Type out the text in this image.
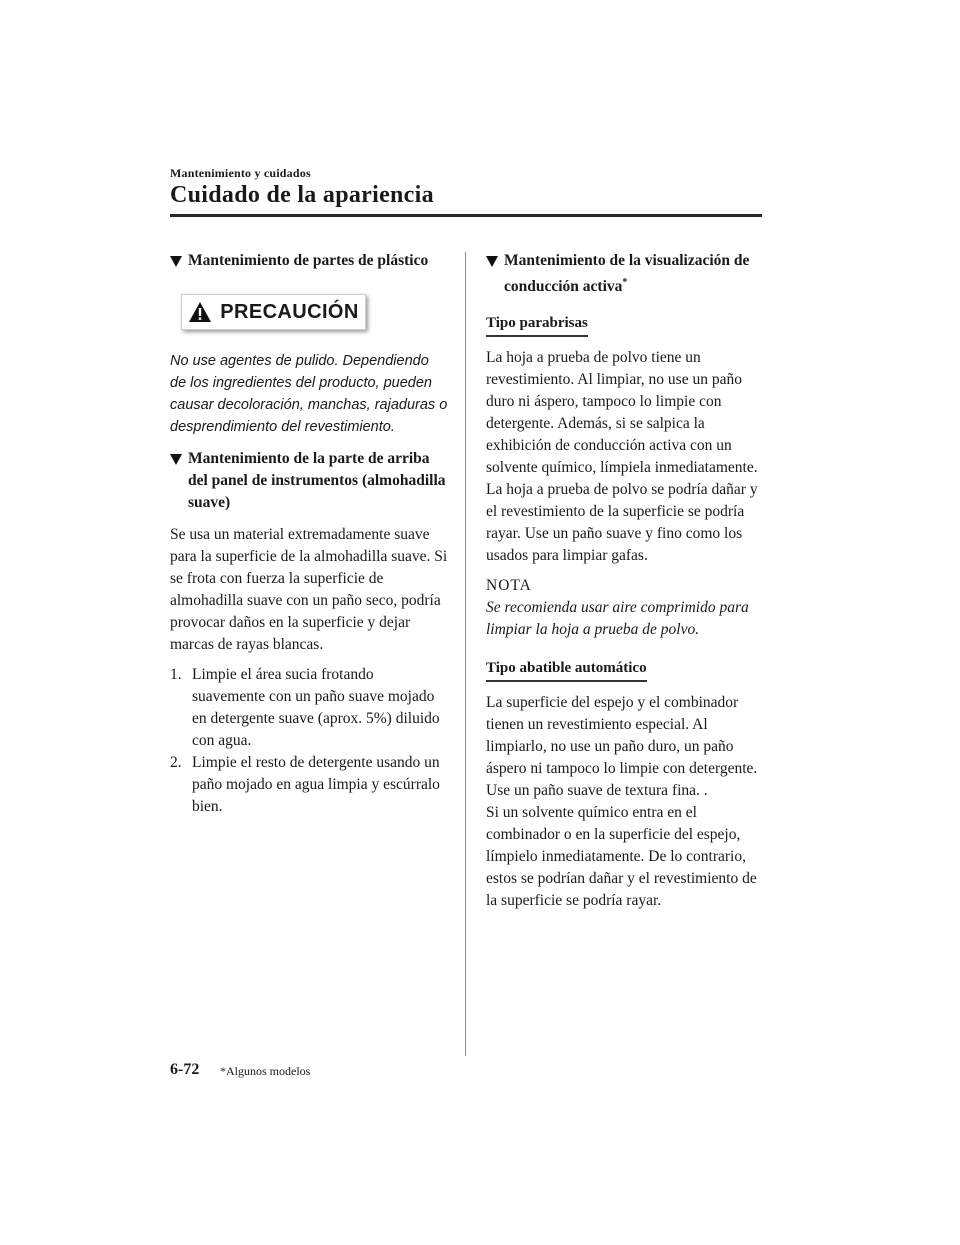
Mantenimiento y cuidados
Cuidado de la apariencia
Mantenimiento de partes de plástico
PRECAUCIÓN

No use agentes de pulido. Dependiendo de los ingredientes del producto, pueden causar decoloración, manchas, rajaduras o desprendimiento del revestimiento.

Mantenimiento de la parte de arriba del panel de instrumentos (almohadilla suave)

Se usa un material extremadamente suave para la superficie de la almohadilla suave. Si se frota con fuerza la superficie de almohadilla suave con un paño seco, podría provocar daños en la superficie y dejar marcas de rayas blancas.

1. Limpie el área sucia frotando suavemente con un paño suave mojado en detergente suave (aprox. 5%) diluido con agua.
2. Limpie el resto de detergente usando un paño mojado en agua limpia y escúrralo bien.
Mantenimiento de la visualización de conducción activa*
Tipo parabrisas

La hoja a prueba de polvo tiene un revestimiento. Al limpiar, no use un paño duro ni áspero, tampoco lo limpie con detergente. Además, si se salpica la exhibición de conducción activa con un solvente químico, límpiela inmediatamente. La hoja a prueba de polvo se podría dañar y el revestimiento de la superficie se podría rayar. Use un paño suave y fino como los usados para limpiar gafas.

NOTA

Se recomienda usar aire comprimido para limpiar la hoja a prueba de polvo.

Tipo abatible automático

La superficie del espejo y el combinador tienen un revestimiento especial. Al limpiarlo, no use un paño duro, un paño áspero ni tampoco lo limpie con detergente. Use un paño suave de textura fina. .

Si un solvente químico entra en el combinador o en la superficie del espejo, límpielo inmediatamente. De lo contrario, estos se podrían dañar y el revestimiento de la superficie se podría rayar.

6-72 *Algunos modelos
